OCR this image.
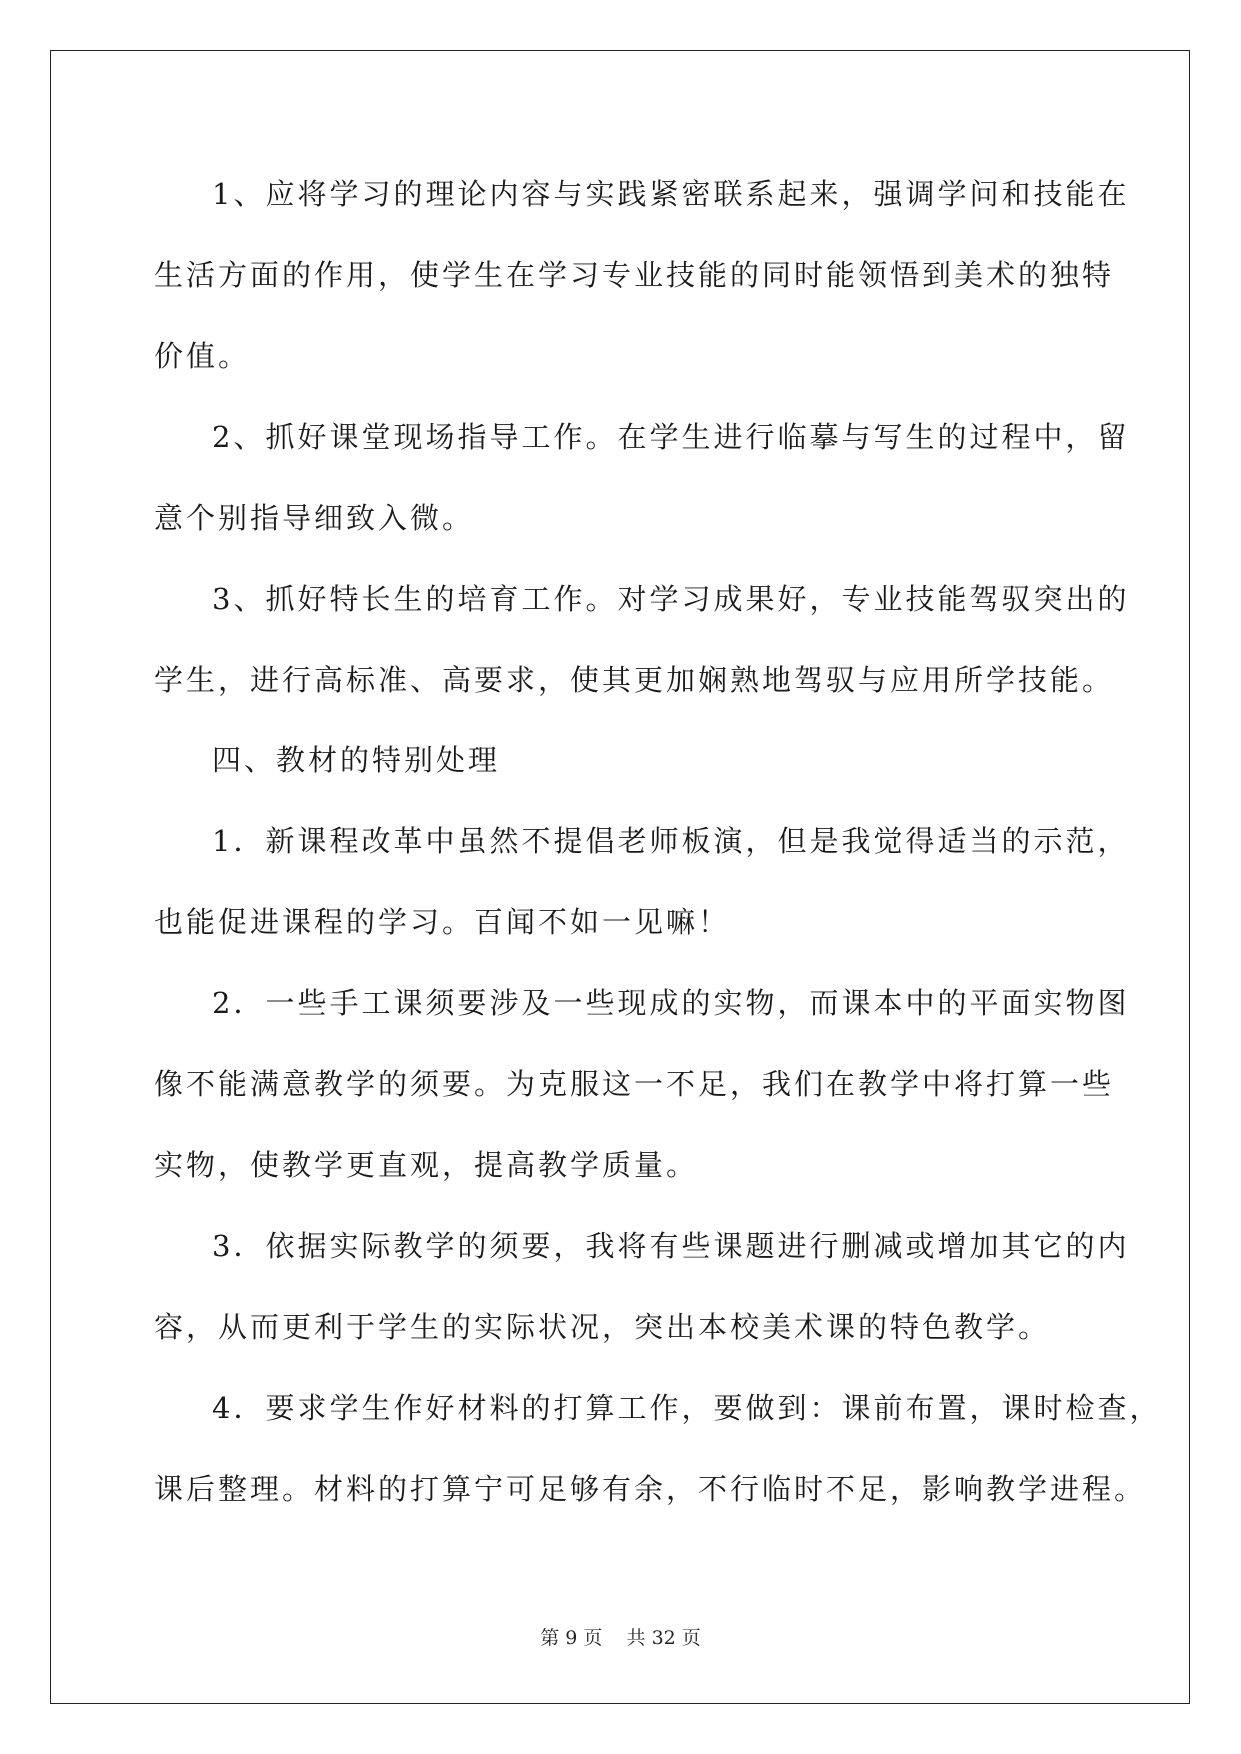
1、应将学习的理论内容与实践紧密联系起来，强调学问和技能在

生活方面的作用，使学生在学习专业技能的同时能领悟到美术的独特

价值。

2、抓好课堂现场指导工作。在学生进行临摹与写生的过程中，留

意个别指导细致入微。

3、抓好特长生的培育工作。对学习成果好，专业技能驾驭突出的

学生，进行高标准、高要求，使其更加娴熟地驾驭与应用所学技能。

四、教材的特别处理

1．新课程改革中虽然不提倡老师板演，但是我觉得适当的示范，

也能促进课程的学习。百闻不如一见嘛！

2．一些手工课须要涉及一些现成的实物，而课本中的平面实物图

像不能满意教学的须要。为克服这一不足，我们在教学中将打算一些

实物，使教学更直观，提高教学质量。

3．依据实际教学的须要，我将有些课题进行删减或增加其它的内

容，从而更利于学生的实际状况，突出本校美术课的特色教学。

4．要求学生作好材料的打算工作，要做到：课前布置，课时检查，

课后整理。材料的打算宁可足够有余，不行临时不足，影响教学进程。

第 9 页 共 32 页
